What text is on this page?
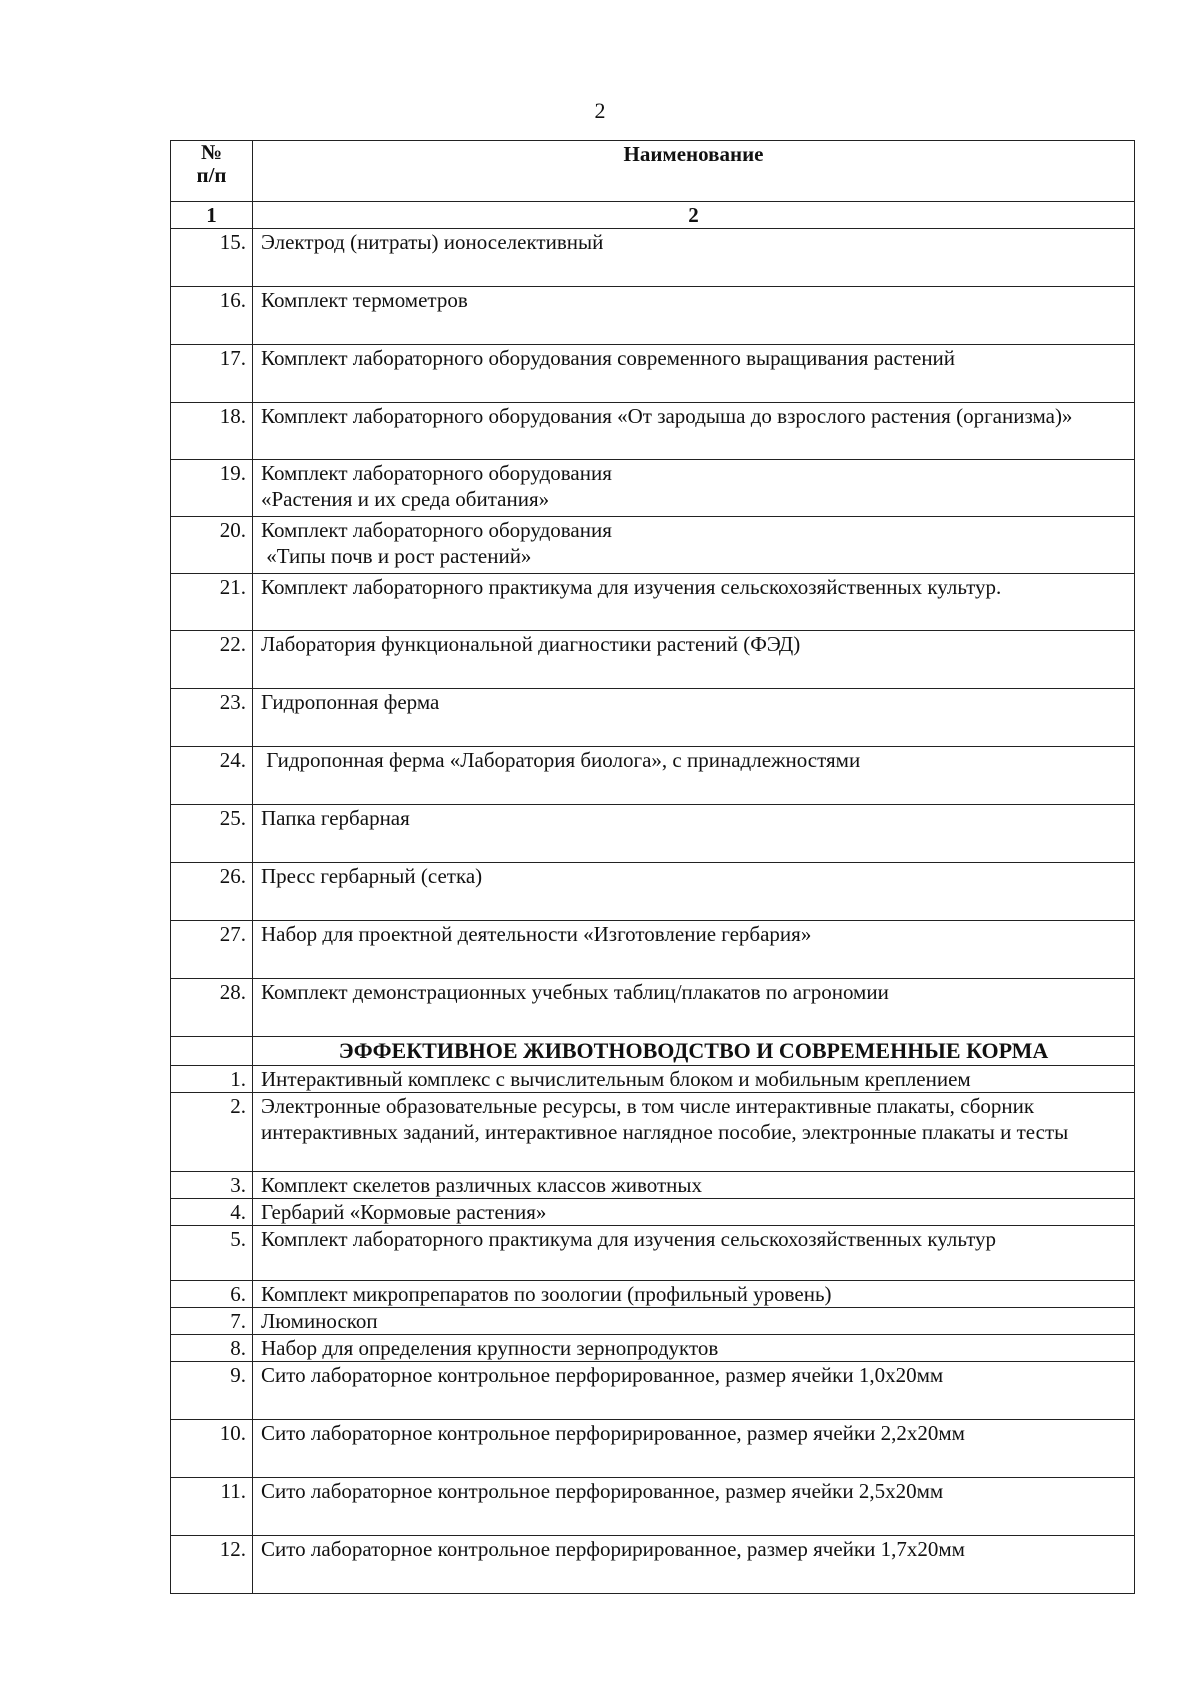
2
№
п/п	Наименование
1	2
15.	Электрод (нитраты) ионоселективный
16.	Комплект термометров
17.	Комплект лабораторного оборудования современного выращивания растений
18.	Комплект лабораторного оборудования «От зародыша до взрослого растения (организма)»
19.	Комплект лабораторного оборудования
«Растения и их среда обитания»
20.	Комплект лабораторного оборудования
«Типы почв и рост растений»
21.	Комплект лабораторного практикума для изучения сельскохозяйственных культур.
22.	Лаборатория функциональной диагностики растений (ФЭД)
23.	Гидропонная ферма
24.	Гидропонная ферма «Лаборатория биолога», с принадлежностями
25.	Папка гербарная
26.	Пресс гербарный (сетка)
27.	Набор для проектной деятельности «Изготовление гербария»
28.	Комплект демонстрационных учебных таблиц/плакатов по агрономии
	ЭФФЕКТИВНОЕ ЖИВОТНОВОДСТВО И СОВРЕМЕННЫЕ КОРМА
1.	Интерактивный комплекс с вычислительным блоком и мобильным креплением
2.	Электронные образовательные ресурсы, в том числе интерактивные плакаты, сборник интерактивных заданий, интерактивное наглядное пособие, электронные плакаты и тесты
3.	Комплект скелетов различных классов животных
4.	Гербарий «Кормовые растения»
5.	Комплект лабораторного практикума для изучения сельскохозяйственных культур
6.	Комплект микропрепаратов по зоологии (профильный уровень)
7.	Люминоскоп
8.	Набор для определения крупности зернопродуктов
9.	Сито лабораторное контрольное перфорированное, размер ячейки 1,0х20мм
10.	Сито лабораторное контрольное перфорирированное, размер ячейки 2,2х20мм
11.	Сито лабораторное контрольное перфорированное, размер ячейки 2,5х20мм
12.	Сито лабораторное контрольное перфорирированное, размер ячейки 1,7х20мм
